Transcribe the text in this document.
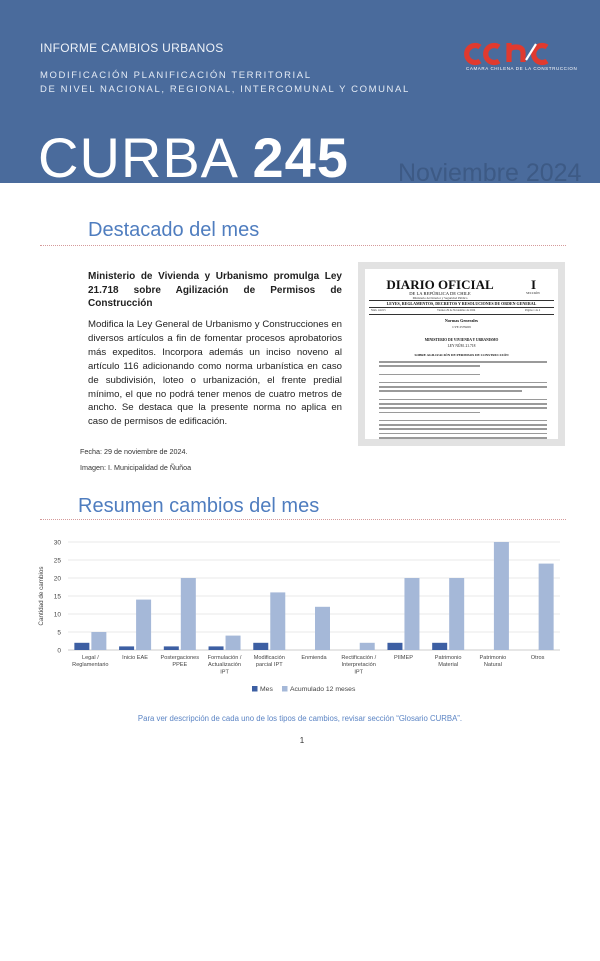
INFORME CAMBIOS URBANOS
MODIFICACIÓN PLANIFICACIÓN TERRITORIAL
DE NIVEL NACIONAL, REGIONAL, INTERCOMUNAL Y COMUNAL
CAMARA CHILENA DE LA CONSTRUCCION
CURBA 245 Noviembre 2024
Destacado del mes
Ministerio de Vivienda y Urbanismo promulga Ley 21.718 sobre Agilización de Permisos de Construcción
Modifica la Ley General de Urbanismo y Construcciones en diversos artículos a fin de fomentar procesos aprobatorios más expeditos. Incorpora además un inciso noveno al artículo 116 adicionando como norma urbanística en caso de subdivisión, loteo o urbanización, el frente predial mínimo, el que no podrá tener menos de cuatro metros de ancho. Se destaca que la presente norma no aplica en caso de permisos de edificación.
Fecha: 29 de noviembre de 2024.
Imagen: I. Municipalidad de Ñuñoa
DIARIO OFICIAL
DE LA REPÚBLICA DE CHILE
Ministerio del Interior y Seguridad Pública
I
SECCIÓN
LEYES, REGLAMENTOS, DECRETOS Y RESOLUCIONES DE ORDEN GENERAL
Núm. 44.015	Viernes 29 de Noviembre de 2024	Página 1 de 4
Normas Generales
CVE 2579459
MINISTERIO DE VIVIENDA Y URBANISMO
LEY NÚM. 21.718
SOBRE AGILIZACIÓN DE PERMISOS DE CONSTRUCCIÓN
Resumen cambios del mes
0
5
10
15
20
25
30
Cantidad de cambios
Legal / Reglamentario
Inicio EAE Postergaciones PPEE
Formulación / Actualización IPT
Modificación parcial IPT
Enmienda	Rectificación / Interpretación IPT
PIIMEP	Patrimonio Material
Patrimonio Natural
Otros
Mes	Acumulado 12 meses
Para ver descripción de cada uno de los tipos de cambios, revisar sección “Glosario CURBA”.
1
